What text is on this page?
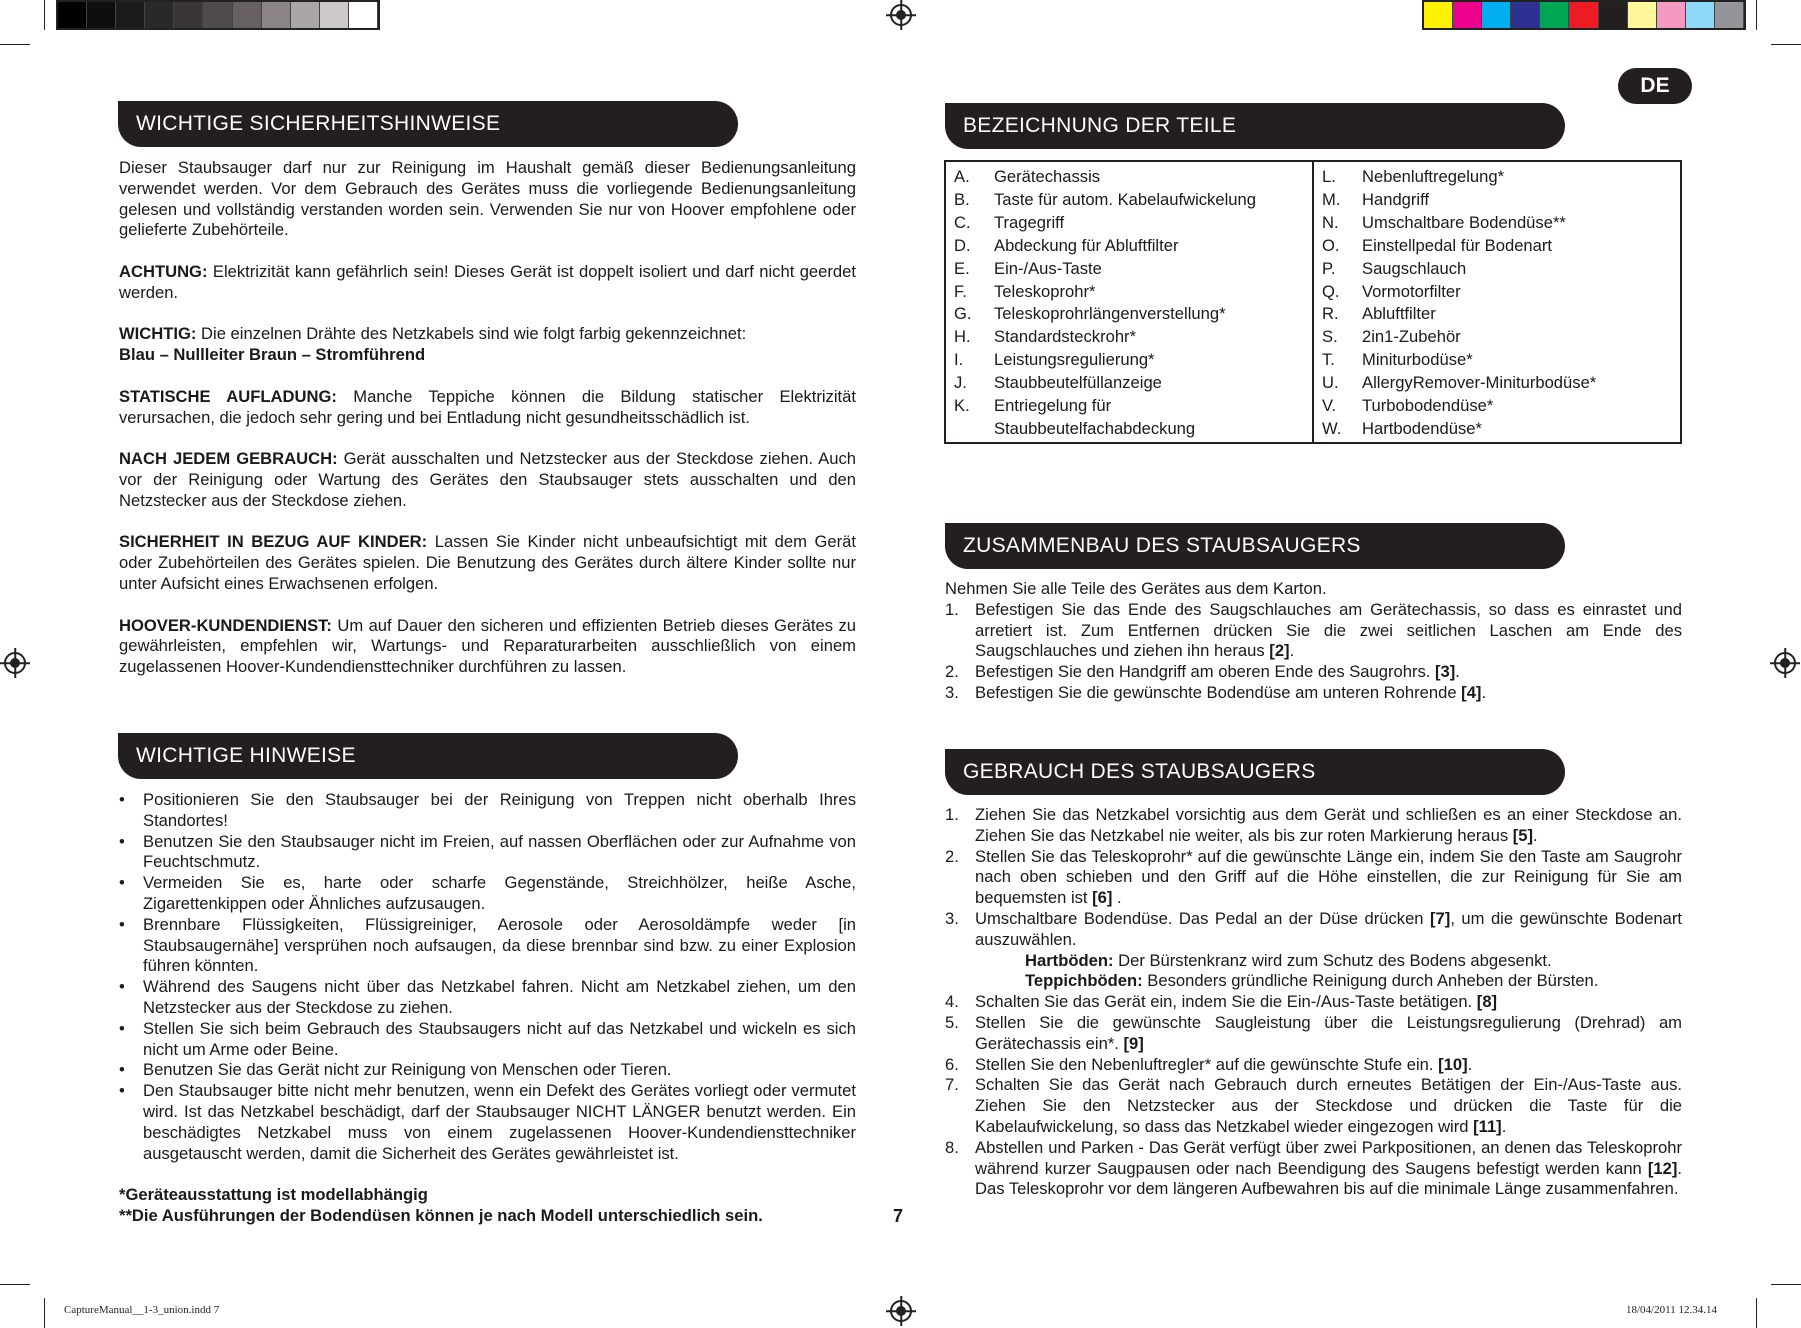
DE
WICHTIGE SICHERHEITSHINWEISE

Dieser Staubsauger darf nur zur Reinigung im Haushalt gemäß dieser Bedienungsanleitung verwendet werden. Vor dem Gebrauch des Gerätes muss die vorliegende Bedienungsanleitung gelesen und vollständig verstanden worden sein. Verwenden Sie nur von Hoover empfohlene oder gelieferte Zubehörteile.

ACHTUNG: Elektrizität kann gefährlich sein! Dieses Gerät ist doppelt isoliert und darf nicht geerdet werden.

WICHTIG: Die einzelnen Drähte des Netzkabels sind wie folgt farbig gekennzeichnet:

Blau – Nullleiter Braun – Stromführend

STATISCHE AUFLADUNG: Manche Teppiche können die Bildung statischer Elektrizität verursachen, die jedoch sehr gering und bei Entladung nicht gesundheitsschädlich ist.

NACH JEDEM GEBRAUCH: Gerät ausschalten und Netzstecker aus der Steckdose ziehen. Auch vor der Reinigung oder Wartung des Gerätes den Staubsauger stets ausschalten und den Netzstecker aus der Steckdose ziehen.

SICHERHEIT IN BEZUG AUF KINDER: Lassen Sie Kinder nicht unbeaufsichtigt mit dem Gerät oder Zubehörteilen des Gerätes spielen. Die Benutzung des Gerätes durch ältere Kinder sollte nur unter Aufsicht eines Erwachsenen erfolgen.

HOOVER-KUNDENDIENST: Um auf Dauer den sicheren und effizienten Betrieb dieses Gerätes zu gewährleisten, empfehlen wir, Wartungs- und Reparaturarbeiten ausschließlich von einem zugelassenen Hoover-Kundendiensttechniker durchführen zu lassen.

WICHTIGE HINWEISE
• Positionieren Sie den Staubsauger bei der Reinigung von Treppen nicht oberhalb Ihres Standortes!
• Benutzen Sie den Staubsauger nicht im Freien, auf nassen Oberflächen oder zur Aufnahme von Feuchtschmutz.
• Vermeiden Sie es, harte oder scharfe Gegenstände, Streichhölzer, heiße Asche, Zigarettenkippen oder Ähnliches aufzusaugen.
• Brennbare Flüssigkeiten, Flüssigreiniger, Aerosole oder Aerosoldämpfe weder [in Staubsaugernähe] versprühen noch aufsaugen, da diese brennbar sind bzw. zu einer Explosion führen könnten.
• Während des Saugens nicht über das Netzkabel fahren. Nicht am Netzkabel ziehen, um den Netzstecker aus der Steckdose zu ziehen.
• Stellen Sie sich beim Gebrauch des Staubsaugers nicht auf das Netzkabel und wickeln es sich nicht um Arme oder Beine.
• Benutzen Sie das Gerät nicht zur Reinigung von Menschen oder Tieren.
• Den Staubsauger bitte nicht mehr benutzen, wenn ein Defekt des Gerätes vorliegt oder vermutet wird. Ist das Netzkabel beschädigt, darf der Staubsauger NICHT LÄNGER benutzt werden. Ein beschädigtes Netzkabel muss von einem zugelassenen Hoover-Kundendiensttechniker ausgetauscht werden, damit die Sicherheit des Gerätes gewährleistet ist.
*Geräteausstattung ist modellabhängig
**Die Ausführungen der Bodendüsen können je nach Modell unterschiedlich sein.	7
BEZEICHNUNG DER TEILE
A.	Gerätechassis
B.	Taste für autom. Kabelaufwickelung
C.	Tragegriff
D.	Abdeckung für Abluftfilter
E.	Ein-/Aus-Taste
F.	Teleskoprohr*
G.	Teleskoprohrlängenverstellung*
H.	Standardsteckrohr*
I.	Leistungsregulierung*
J.	Staubbeutelfüllanzeige
K.	Entriegelung für
Staubbeutelfachabdeckung
L.	Nebenluftregelung*
M.	Handgriff
N.	Umschaltbare Bodendüse**
O.	Einstellpedal für Bodenart
P.	Saugschlauch
Q.	Vormotorfilter
R.	Abluftfilter
S.	2in1-Zubehör
T.	Miniturbodüse*
U.	AllergyRemover-Miniturbodüse*
V.	Turbobodendüse*
W.	Hartbodendüse*
ZUSAMMENBAU DES STAUBSAUGERS
Nehmen Sie alle Teile des Gerätes aus dem Karton.
1. Befestigen Sie das Ende des Saugschlauches am Gerätechassis, so dass es einrastet und arretiert ist. Zum Entfernen drücken Sie die zwei seitlichen Laschen am Ende des Saugschlauches und ziehen ihn heraus [2].
2. Befestigen Sie den Handgriff am oberen Ende des Saugrohrs. [3].
3. Befestigen Sie die gewünschte Bodendüse am unteren Rohrende [4].
GEBRAUCH DES STAUBSAUGERS
1. Ziehen Sie das Netzkabel vorsichtig aus dem Gerät und schließen es an einer Steckdose an. Ziehen Sie das Netzkabel nie weiter, als bis zur roten Markierung heraus [5].
2. Stellen Sie das Teleskoprohr* auf die gewünschte Länge ein, indem Sie den Taste am Saugrohr nach oben schieben und den Griff auf die Höhe einstellen, die zur Reinigung für Sie am bequemsten ist [6] .
3. Umschaltbare Bodendüse. Das Pedal an der Düse drücken [7], um die gewünschte Bodenart auszuwählen.
Hartböden: Der Bürstenkranz wird zum Schutz des Bodens abgesenkt.
Teppichböden: Besonders gründliche Reinigung durch Anheben der Bürsten.
4. Schalten Sie das Gerät ein, indem Sie die Ein-/Aus-Taste betätigen. [8]
5. Stellen Sie die gewünschte Saugleistung über die Leistungsregulierung (Drehrad) am Gerätechassis ein*. [9]
6. Stellen Sie den Nebenluftregler* auf die gewünschte Stufe ein. [10].
7. Schalten Sie das Gerät nach Gebrauch durch erneutes Betätigen der Ein-/Aus-Taste aus. Ziehen Sie den Netzstecker aus der Steckdose und drücken die Taste für die Kabelaufwickelung, so dass das Netzkabel wieder eingezogen wird [11].
8. Abstellen und Parken - Das Gerät verfügt über zwei Parkpositionen, an denen das Teleskoprohr während kurzer Saugpausen oder nach Beendigung des Saugens befestigt werden kann [12]. Das Teleskoprohr vor dem längeren Aufbewahren bis auf die minimale Länge zusammenfahren.
CaptureManual__1-3_union.indd 7	18/04/2011 12.34.14
